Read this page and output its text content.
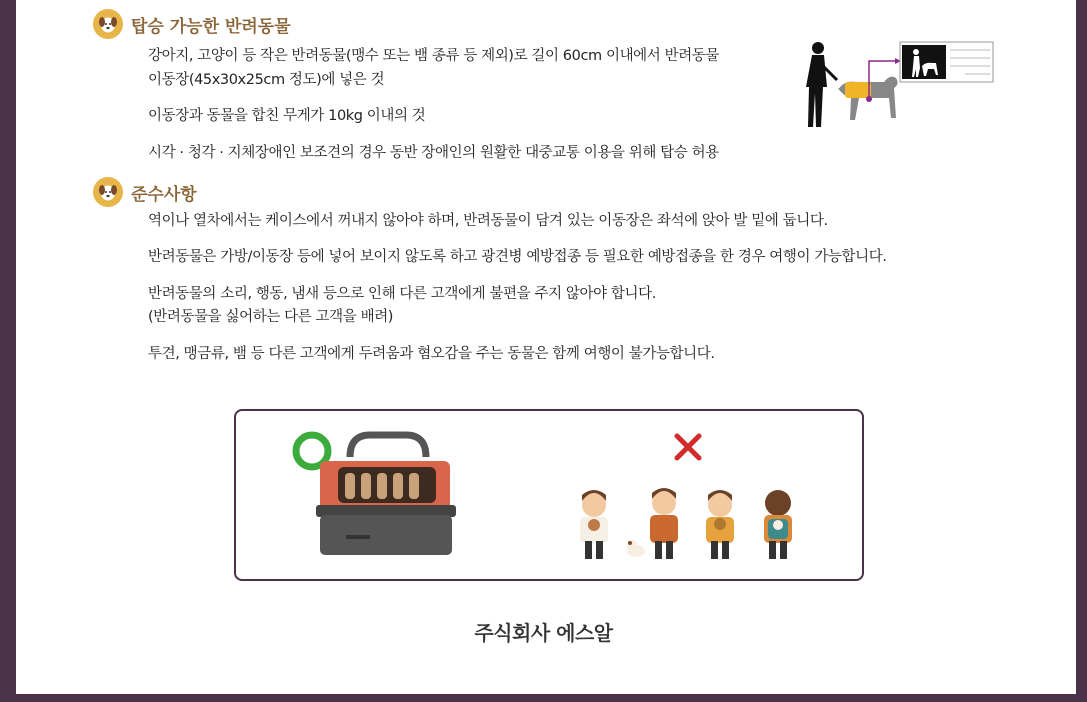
탑승 가능한 반려동물
강아지, 고양이 등 작은 반려동물(맹수 또는 뱀 종류 등 제외)로 길이 60cm 이내에서 반려동물
이동장(45x30x25cm 정도)에 넣은 것
이동장과 동물을 합친 무게가 10kg 이내의 것
시각 · 청각 · 지체장애인 보조견의 경우 동반 장애인의 원활한 대중교통 이용을 위해 탑승 허용
준수사항
역이나 열차에서는 케이스에서 꺼내지 않아야 하며, 반려동물이 담겨 있는 이동장은 좌석에 앉아 발 밑에 둡니다.
반려동물은 가방/이동장 등에 넣어 보이지 않도록 하고 광견병 예방접종 등 필요한 예방접종을 한 경우 여행이 가능합니다.
반려동물의 소리, 행동, 냄새 등으로 인해 다른 고객에게 불편을 주지 않아야 합니다.
(반려동물을 싫어하는 다른 고객을 배려)
투견, 맹금류, 뱀 등 다른 고객에게 두려움과 혐오감을 주는 동물은 함께 여행이 불가능합니다.
주식회사 에스알
